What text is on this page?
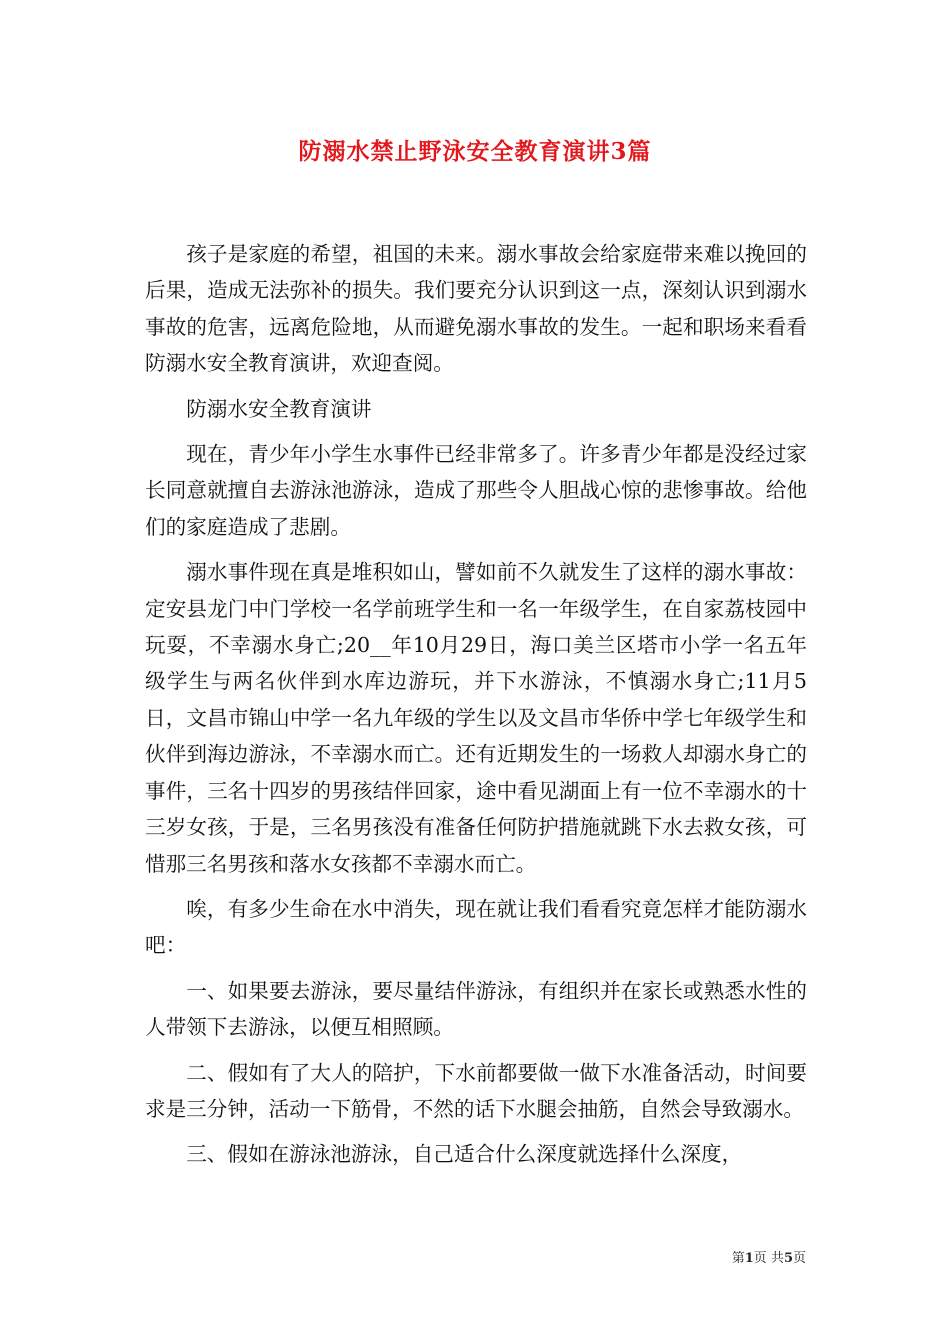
防溺水禁止野泳安全教育演讲3篇

孩子是家庭的希望，祖国的未来。溺水事故会给家庭带来难以挽回的后果，造成无法弥补的损失。我们要充分认识到这一点，深刻认识到溺水事故的危害，远离危险地，从而避免溺水事故的发生。一起和职场来看看防溺水安全教育演讲，欢迎查阅。

防溺水安全教育演讲

现在，青少年小学生水事件已经非常多了。许多青少年都是没经过家长同意就擅自去游泳池游泳，造成了那些令人胆战心惊的悲惨事故。给他们的家庭造成了悲剧。

溺水事件现在真是堆积如山，譬如前不久就发生了这样的溺水事故：定安县龙门中门学校一名学前班学生和一名一年级学生，在自家荔枝园中玩耍，不幸溺水身亡;20__年10月29日，海口美兰区塔市小学一名五年级学生与两名伙伴到水库边游玩，并下水游泳，不慎溺水身亡;11月5日，文昌市锦山中学一名九年级的学生以及文昌市华侨中学七年级学生和伙伴到海边游泳，不幸溺水而亡。还有近期发生的一场救人却溺水身亡的事件，三名十四岁的男孩结伴回家，途中看见湖面上有一位不幸溺水的十三岁女孩，于是，三名男孩没有准备任何防护措施就跳下水去救女孩，可惜那三名男孩和落水女孩都不幸溺水而亡。

唉，有多少生命在水中消失，现在就让我们看看究竟怎样才能防溺水吧：

一、如果要去游泳，要尽量结伴游泳，有组织并在家长或熟悉水性的人带领下去游泳，以便互相照顾。

二、假如有了大人的陪护，下水前都要做一做下水准备活动，时间要求是三分钟，活动一下筋骨，不然的话下水腿会抽筋，自然会导致溺水。

三、假如在游泳池游泳，自己适合什么深度就选择什么深度，

第1页 共5页
